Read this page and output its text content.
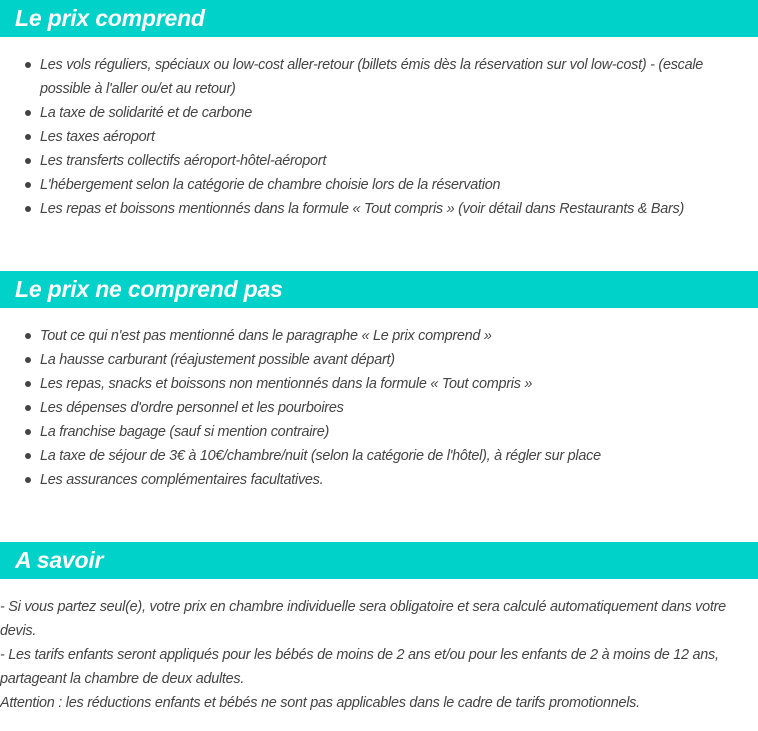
Le prix comprend
Les vols réguliers, spéciaux ou low-cost aller-retour (billets émis dès la réservation sur vol low-cost) - (escale possible à l'aller ou/et au retour)
La taxe de solidarité et de carbone
Les taxes aéroport
Les transferts collectifs aéroport-hôtel-aéroport
L'hébergement selon la catégorie de chambre choisie lors de la réservation
Les repas et boissons mentionnés dans la formule « Tout compris » (voir détail dans Restaurants & Bars)
Le prix ne comprend pas
Tout ce qui n'est pas mentionné dans le paragraphe « Le prix comprend »
La hausse carburant (réajustement possible avant départ)
Les repas, snacks et boissons non mentionnés dans la formule « Tout compris »
Les dépenses d'ordre personnel et les pourboires
La franchise bagage (sauf si mention contraire)
La taxe de séjour de 3€ à 10€/chambre/nuit (selon la catégorie de l'hôtel), à régler sur place
Les assurances complémentaires facultatives.
A savoir

- Si vous partez seul(e), votre prix en chambre individuelle sera obligatoire et sera calculé automatiquement dans votre devis.

- Les tarifs enfants seront appliqués pour les bébés de moins de 2 ans et/ou pour les enfants de 2 à moins de 12 ans, partageant la chambre de deux adultes.

Attention : les réductions enfants et bébés ne sont pas applicables dans le cadre de tarifs promotionnels.
